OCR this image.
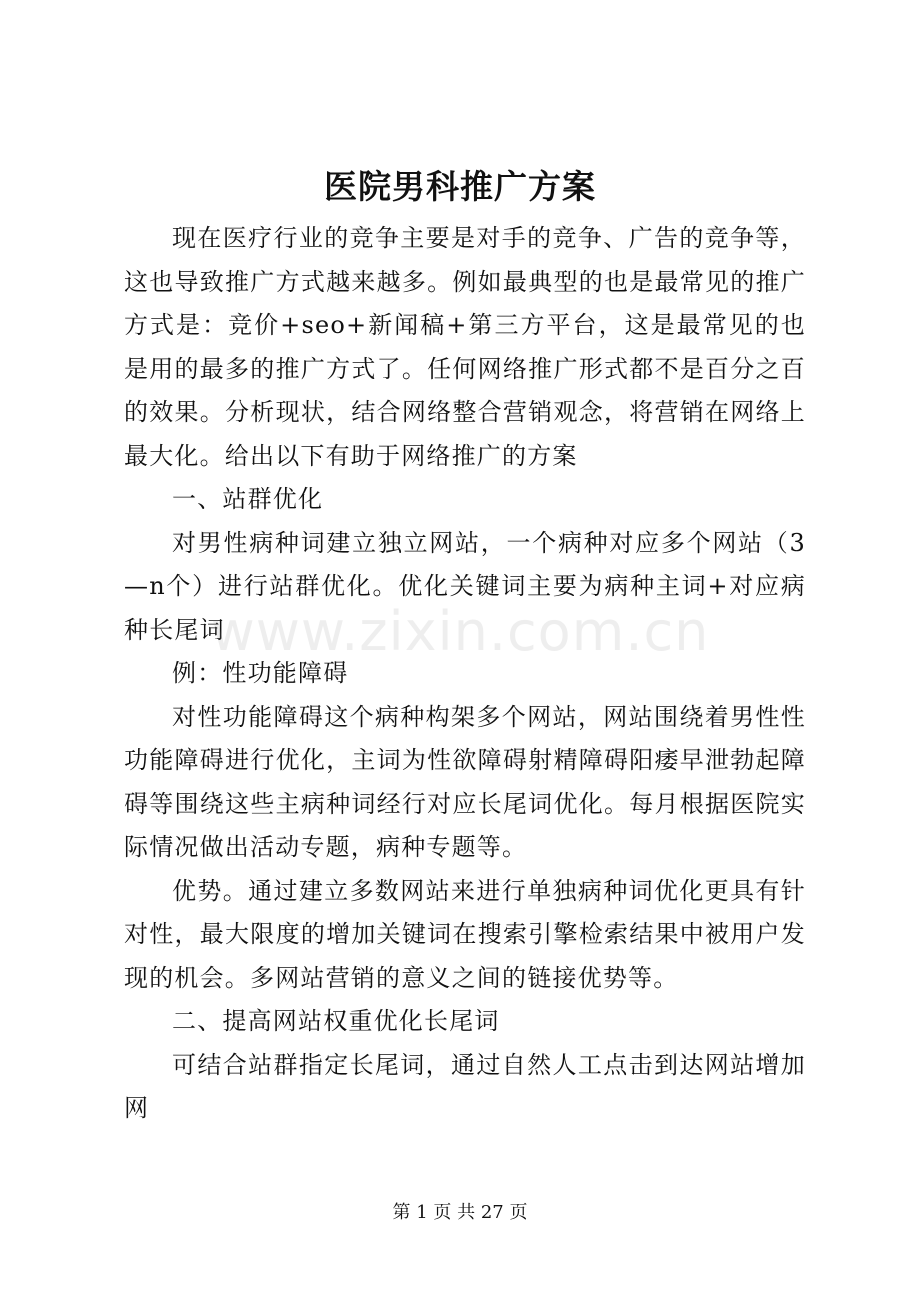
医院男科推广方案

现在医疗行业的竞争主要是对手的竞争、广告的竞争等，这也导致推广方式越来越多。例如最典型的也是最常见的推广方式是：竞价+seo+新闻稿+第三方平台，这是最常见的也是用的最多的推广方式了。任何网络推广形式都不是百分之百的效果。分析现状，结合网络整合营销观念，将营销在网络上最大化。给出以下有助于网络推广的方案

一、站群优化

对男性病种词建立独立网站，一个病种对应多个网站（3—n个）进行站群优化。优化关键词主要为病种主词+对应病种长尾词

例：性功能障碍

对性功能障碍这个病种构架多个网站，网站围绕着男性性功能障碍进行优化，主词为性欲障碍射精障碍阳痿早泄勃起障碍等围绕这些主病种词经行对应长尾词优化。每月根据医院实际情况做出活动专题，病种专题等。

优势。通过建立多数网站来进行单独病种词优化更具有针对性，最大限度的增加关键词在搜索引擎检索结果中被用户发现的机会。多网站营销的意义之间的链接优势等。

二、提高网站权重优化长尾词

可结合站群指定长尾词，通过自然人工点击到达网站增加网

www.zixin.com.cn
第 1 页 共 27 页
